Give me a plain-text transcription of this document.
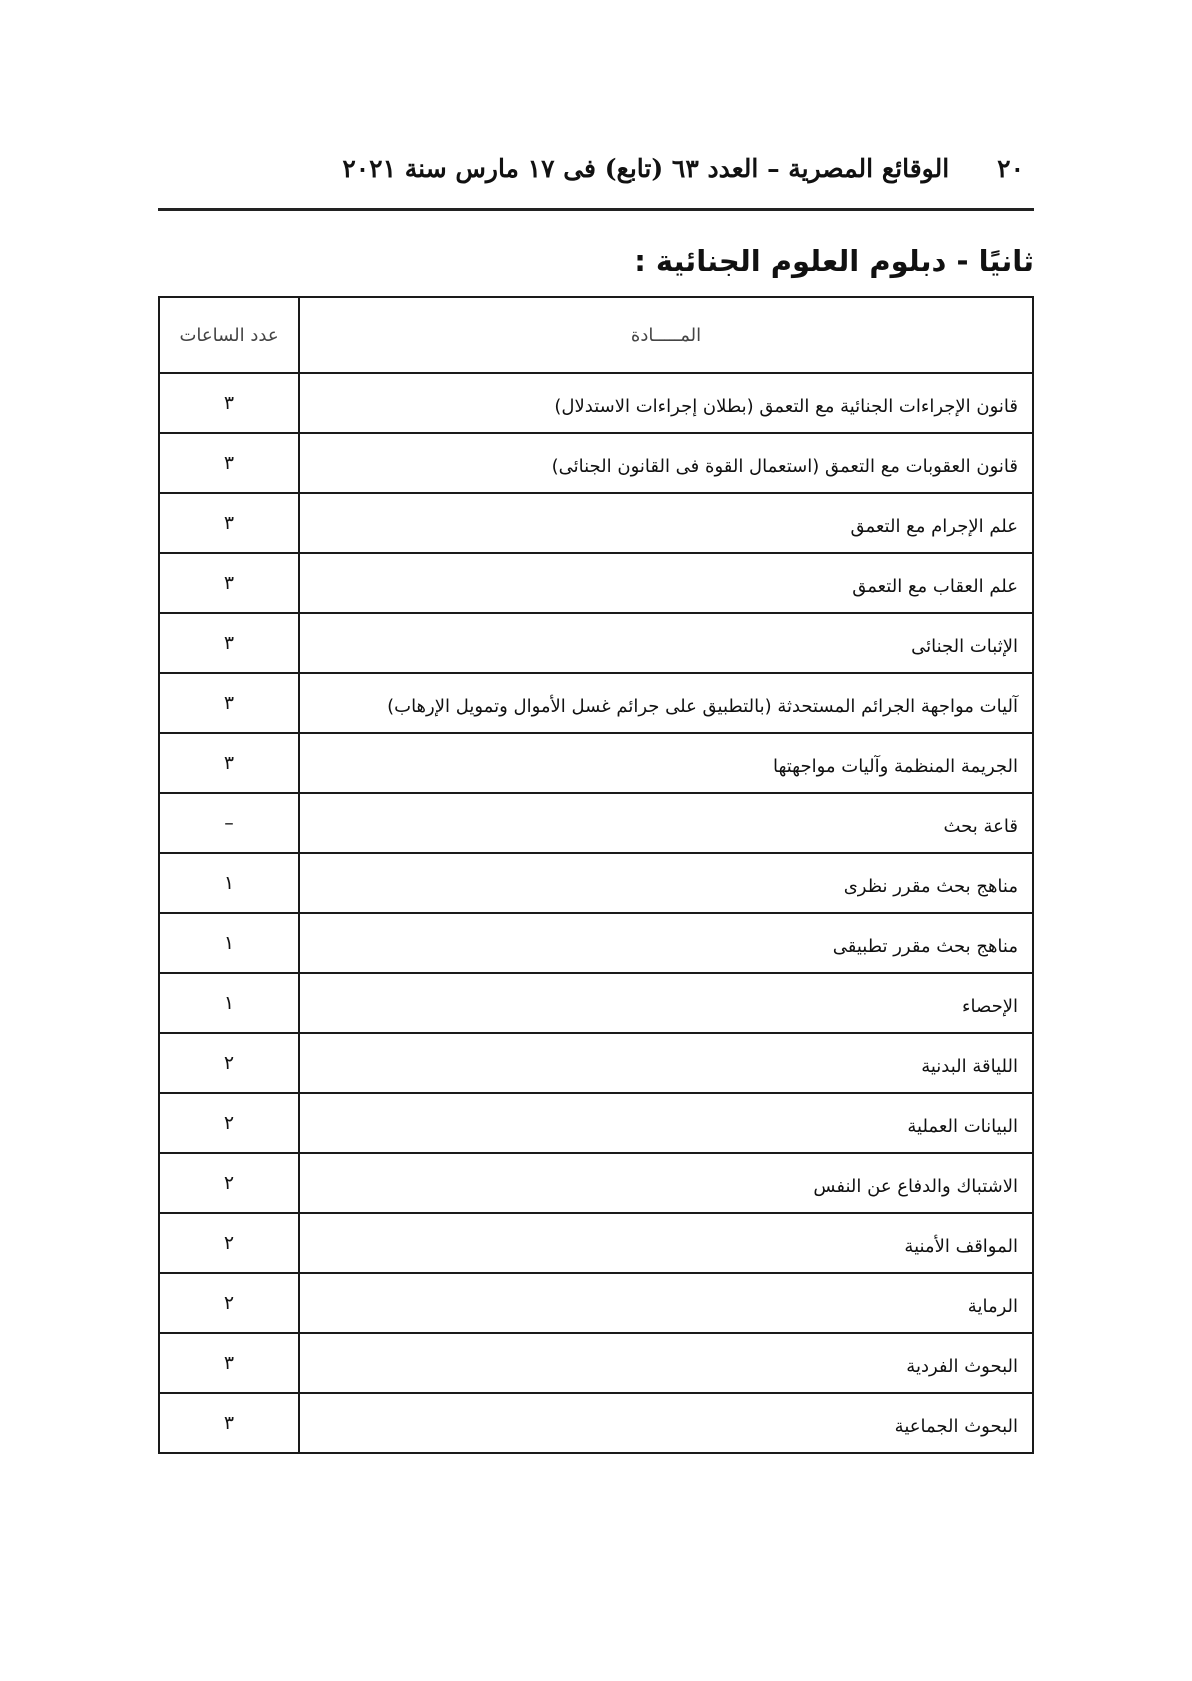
٢٠
الوقائع المصرية – العدد ٦٣ (تابع) فى ١٧ مارس سنة ٢٠٢١
ثانيًا - دبلوم العلوم الجنائية :
المـــــادة	عدد الساعات
قانون الإجراءات الجنائية مع التعمق (بطلان إجراءات الاستدلال)	٣
قانون العقوبات مع التعمق (استعمال القوة فى القانون الجنائى)	٣
علم الإجرام مع التعمق	٣
علم العقاب مع التعمق	٣
الإثبات الجنائى	٣
آليات مواجهة الجرائم المستحدثة (بالتطبيق على جرائم غسل الأموال وتمويل الإرهاب)	٣
الجريمة المنظمة وآليات مواجهتها	٣
قاعة بحث	–
مناهج بحث مقرر نظرى	١
مناهج بحث مقرر تطبيقى	١
الإحصاء	١
اللياقة البدنية	٢
البيانات العملية	٢
الاشتباك والدفاع عن النفس	٢
المواقف الأمنية	٢
الرماية	٢
البحوث الفردية	٣
البحوث الجماعية	٣
